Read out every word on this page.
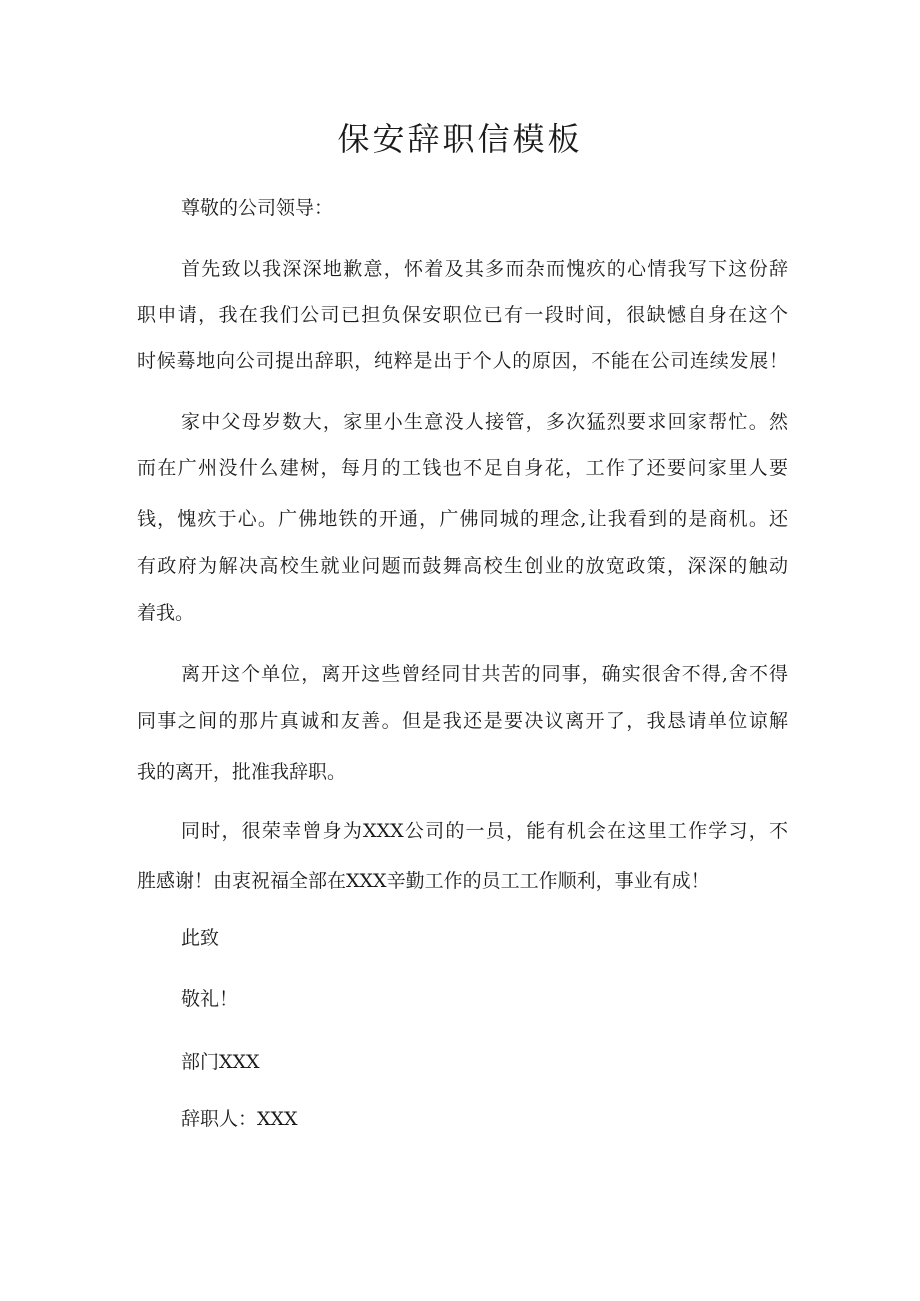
保安辞职信模板

尊敬的公司领导：

首先致以我深深地歉意，怀着及其多而杂而愧疚的心情我写下这份辞

职申请，我在我们公司已担负保安职位已有一段时间，很缺憾自身在这个

时候蓦地向公司提出辞职，纯粹是出于个人的原因，不能在公司连续发展！

家中父母岁数大，家里小生意没人接管，多次猛烈要求回家帮忙。然

而在广州没什么建树，每月的工钱也不足自身花，工作了还要问家里人要

钱，愧疚于心。广佛地铁的开通，广佛同城的理念,让我看到的是商机。还

有政府为解决高校生就业问题而鼓舞高校生创业的放宽政策，深深的触动

着我。

离开这个单位，离开这些曾经同甘共苦的同事，确实很舍不得,舍不得

同事之间的那片真诚和友善。但是我还是要决议离开了，我恳请单位谅解

我的离开，批准我辞职。

同时，很荣幸曾身为XXX公司的一员，能有机会在这里工作学习，不

胜感谢！由衷祝福全部在XXX辛勤工作的员工工作顺利，事业有成！

此致

敬礼！

部门XXX

辞职人：XXX
